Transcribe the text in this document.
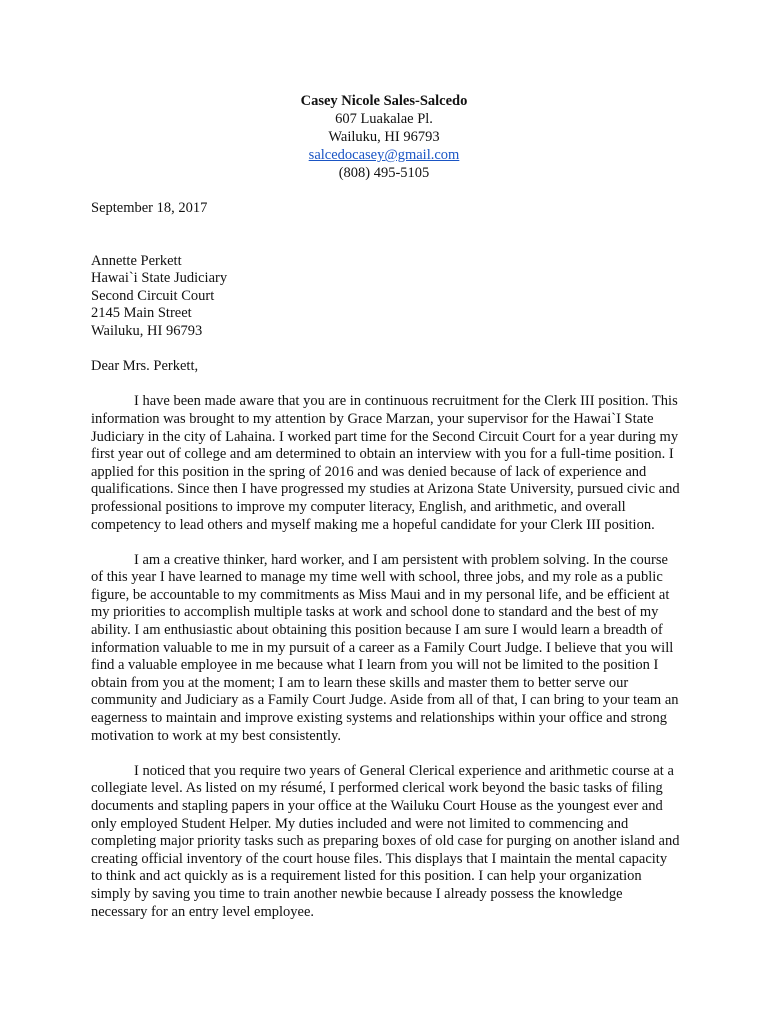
Casey Nicole Sales-Salcedo
607 Luakalae Pl.
Wailuku, HI 96793
salcedocasey@gmail.com
(808) 495-5105

September 18, 2017

Annette Perkett
Hawai`i State Judiciary
Second Circuit Court
2145 Main Street
Wailuku, HI 96793

Dear Mrs. Perkett,

I have been made aware that you are in continuous recruitment for the Clerk III position. This information was brought to my attention by Grace Marzan, your supervisor for the Hawai`I State Judiciary in the city of Lahaina. I worked part time for the Second Circuit Court for a year during my first year out of college and am determined to obtain an interview with you for a full-time position. I applied for this position in the spring of 2016 and was denied because of lack of experience and qualifications. Since then I have progressed my studies at Arizona State University, pursued civic and professional positions to improve my computer literacy, English, and arithmetic, and overall competency to lead others and myself making me a hopeful candidate for your Clerk III position.

I am a creative thinker, hard worker, and I am persistent with problem solving. In the course of this year I have learned to manage my time well with school, three jobs, and my role as a public figure, be accountable to my commitments as Miss Maui and in my personal life, and be efficient at my priorities to accomplish multiple tasks at work and school done to standard and the best of my ability. I am enthusiastic about obtaining this position because I am sure I would learn a breadth of information valuable to me in my pursuit of a career as a Family Court Judge. I believe that you will find a valuable employee in me because what I learn from you will not be limited to the position I obtain from you at the moment; I am to learn these skills and master them to better serve our community and Judiciary as a Family Court Judge. Aside from all of that, I can bring to your team an eagerness to maintain and improve existing systems and relationships within your office and strong motivation to work at my best consistently.

I noticed that you require two years of General Clerical experience and arithmetic course at a collegiate level. As listed on my résumé, I performed clerical work beyond the basic tasks of filing documents and stapling papers in your office at the Wailuku Court House as the youngest ever and only employed Student Helper. My duties included and were not limited to commencing and completing major priority tasks such as preparing boxes of old case for purging on another island and creating official inventory of the court house files. This displays that I maintain the mental capacity to think and act quickly as is a requirement listed for this position. I can help your organization simply by saving you time to train another newbie because I already possess the knowledge necessary for an entry level employee.
